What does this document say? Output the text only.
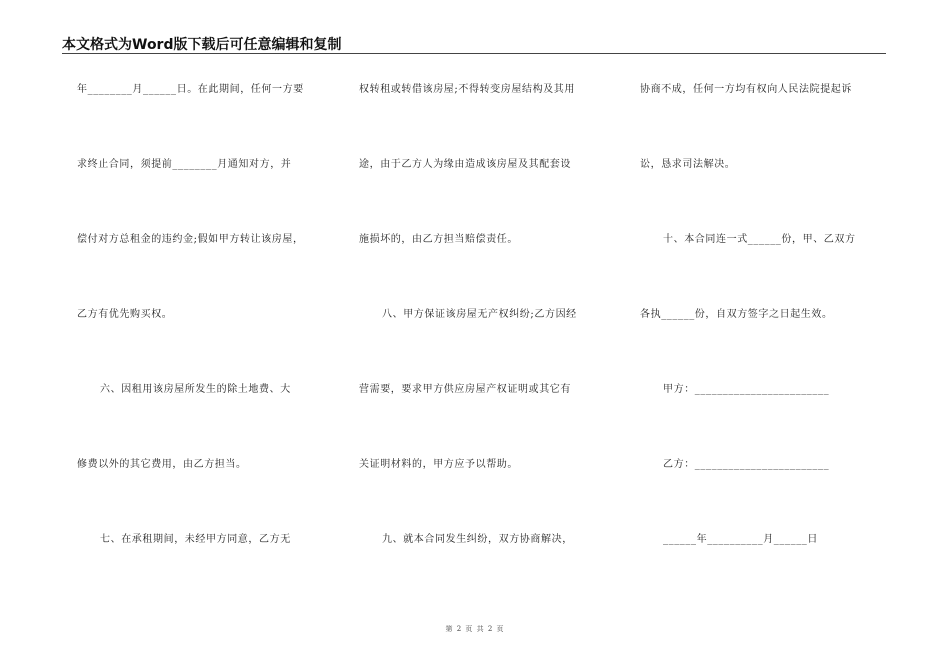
本文格式为Word版下载后可任意编辑和复制
年________月______日。在此期间，任何一方要
求终止合同，须提前________月通知对方，并
偿付对方总租金的违约金;假如甲方转让该房屋，
乙方有优先购买权。
六、因租用该房屋所发生的除土地费、大
修费以外的其它费用，由乙方担当。
七、在承租期间，未经甲方同意，乙方无
权转租或转借该房屋;不得转变房屋结构及其用
途，由于乙方人为缘由造成该房屋及其配套设
施损坏的，由乙方担当赔偿责任。
八、甲方保证该房屋无产权纠纷;乙方因经
营需要，要求甲方供应房屋产权证明或其它有
关证明材料的，甲方应予以帮助。
九、就本合同发生纠纷，双方协商解决，
协商不成，任何一方均有权向人民法院提起诉
讼，恳求司法解决。
十、本合同连一式______份，甲、乙双方
各执______份，自双方签字之日起生效。
甲方：________________________
乙方：________________________
______年__________月______日
第 2 页 共 2 页
